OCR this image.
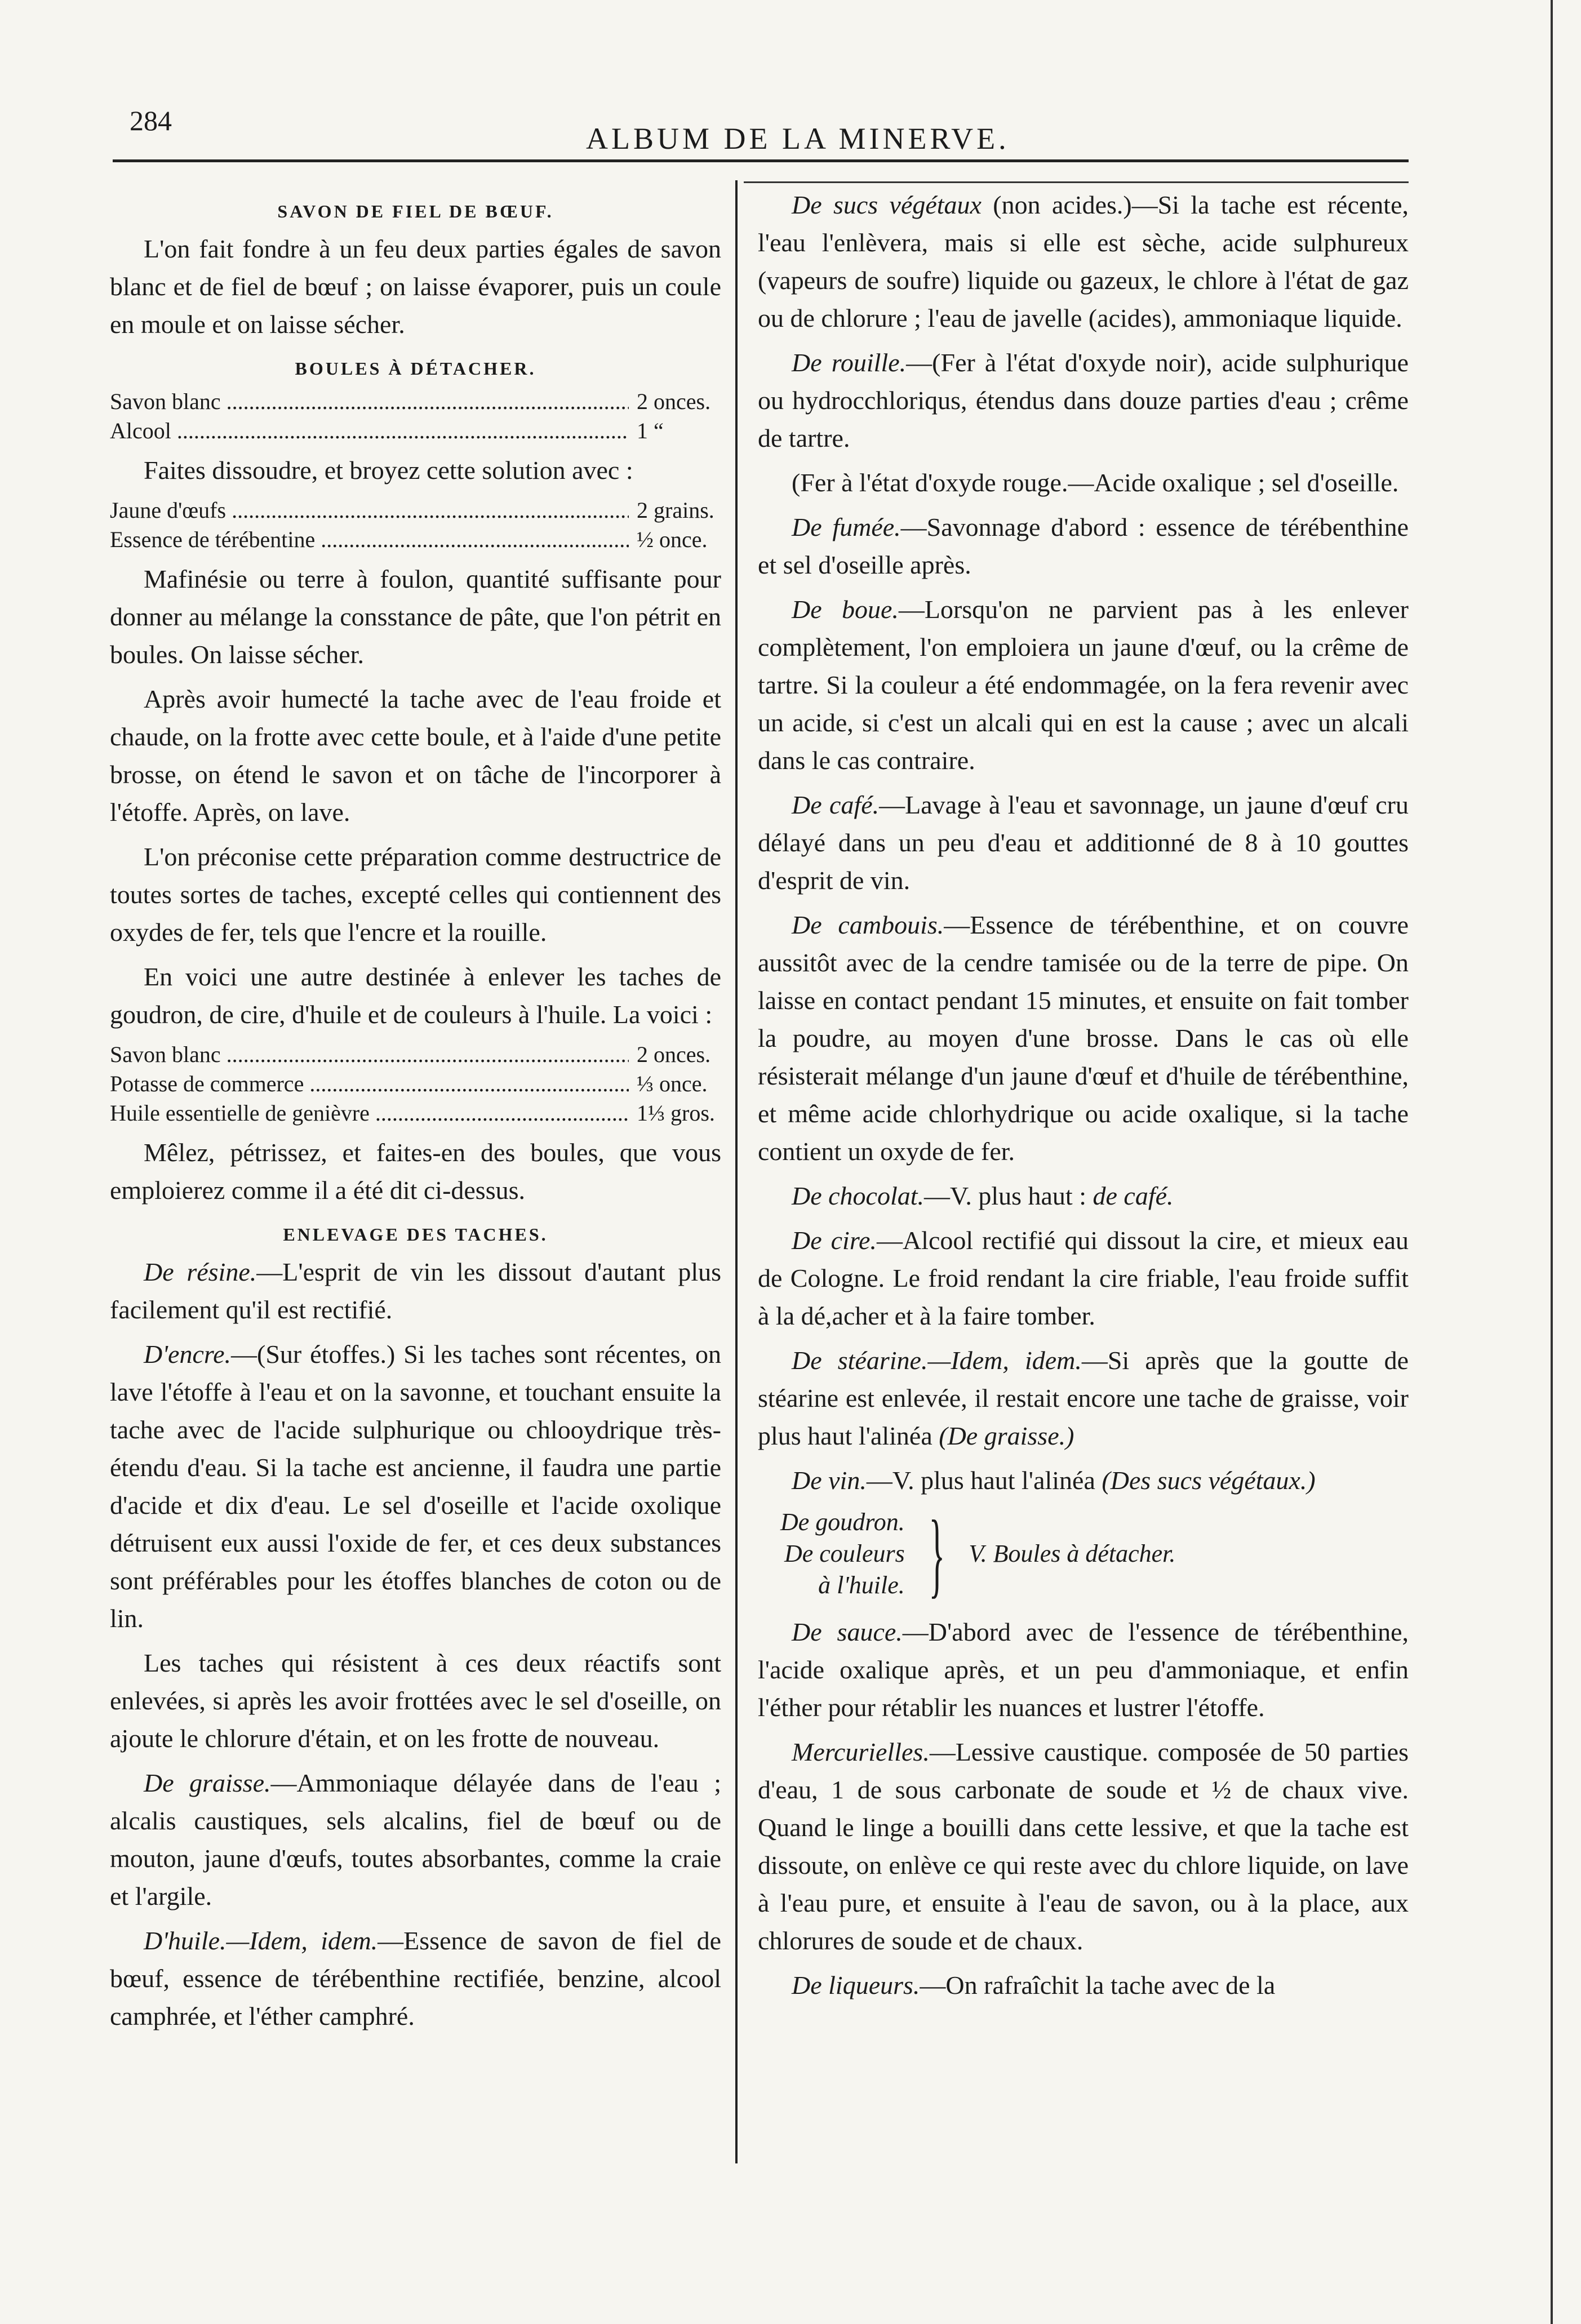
284
ALBUM DE LA MINERVE.
SAVON DE FIEL DE BŒUF.

L'on fait fondre à un feu deux parties égales de savon blanc et de fiel de bœuf ; on laisse évaporer, puis un coule en moule et on laisse sécher.

BOULES À DÉTACHER.
Savon blanc .....	2 onces.
Alcool .....	1 “

Faites dissoudre, et broyez cette solution avec :

Jaune d'œufs .....	2 grains.
Essence de térébentine .....	½ once.

Mafinésie ou terre à foulon, quantité suffisante pour donner au mélange la consstance de pâte, que l'on pétrit en boules. On laisse sécher.

Après avoir humecté la tache avec de l'eau froide et chaude, on la frotte avec cette boule, et à l'aide d'une petite brosse, on étend le savon et on tâche de l'incorporer à l'étoffe. Après, on lave.

L'on préconise cette préparation comme destructrice de toutes sortes de taches, excepté celles qui contiennent des oxydes de fer, tels que l'encre et la rouille.

En voici une autre destinée à enlever les taches de goudron, de cire, d'huile et de couleurs à l'huile. La voici :

Savon blanc .....	2 onces.
Potasse de commerce .....	⅓ once.
Huile essentielle de genièvre .....	1⅓ gros.

Mêlez, pétrissez, et faites-en des boules, que vous emploierez comme il a été dit ci-dessus.

ENLEVAGE DES TACHES.

De résine.—L'esprit de vin les dissout d'autant plus facilement qu'il est rectifié.

D'encre.—(Sur étoffes.) Si les taches sont récentes, on lave l'étoffe à l'eau et on la savonne, et touchant ensuite la tache avec de l'acide sulphurique ou chlooydrique très-étendu d'eau. Si la tache est ancienne, il faudra une partie d'acide et dix d'eau. Le sel d'oseille et l'acide oxolique détruisent eux aussi l'oxide de fer, et ces deux substances sont préférables pour les étoffes blanches de coton ou de lin.

Les taches qui résistent à ces deux réactifs sont enlevées, si après les avoir frottées avec le sel d'oseille, on ajoute le chlorure d'étain, et on les frotte de nouveau.

De graisse.—Ammoniaque délayée dans de l'eau ; alcalis caustiques, sels alcalins, fiel de bœuf ou de mouton, jaune d'œufs, toutes absorbantes, comme la craie et l'argile.

D'huile.—Idem, idem.—Essence de savon de fiel de bœuf, essence de térébenthine rectifiée, benzine, alcool camphrée, et l'éther camphré.

De sucs végétaux (non acides.)—Si la tache est récente, l'eau l'enlèvera, mais si elle est sèche, acide sulphureux (vapeurs de soufre) liquide ou gazeux, le chlore à l'état de gaz ou de chlorure ; l'eau de javelle (acides), ammoniaque liquide.

De rouille.—(Fer à l'état d'oxyde noir), acide sulphurique ou hydrocchloriqus, étendus dans douze parties d'eau ; crême de tartre.

(Fer à l'état d'oxyde rouge.—Acide oxalique ; sel d'oseille.

De fumée.—Savonnage d'abord : essence de térébenthine et sel d'oseille après.

De boue.—Lorsqu'on ne parvient pas à les enlever complètement, l'on emploiera un jaune d'œuf, ou la crême de tartre. Si la couleur a été endommagée, on la fera revenir avec un acide, si c'est un alcali qui en est la cause ; avec un alcali dans le cas contraire.

De café.—Lavage à l'eau et savonnage, un jaune d'œuf cru délayé dans un peu d'eau et additionné de 8 à 10 gouttes d'esprit de vin.

De cambouis.—Essence de térébenthine, et on couvre aussitôt avec de la cendre tamisée ou de la terre de pipe. On laisse en contact pendant 15 minutes, et ensuite on fait tomber la poudre, au moyen d'une brosse. Dans le cas où elle résisterait mélange d'un jaune d'œuf et d'huile de térébenthine, et même acide chlorhydrique ou acide oxalique, si la tache contient un oxyde de fer.

De chocolat.—V. plus haut : de café.

De cire.—Alcool rectifié qui dissout la cire, et mieux eau de Cologne. Le froid rendant la cire friable, l'eau froide suffit à la dé,acher et à la faire tomber.

De stéarine.—Idem, idem.—Si après que la goutte de stéarine est enlevée, il restait encore une tache de graisse, voir plus haut l'alinéa (De graisse.)

De vin.—V. plus haut l'alinéa (Des sucs végétaux.)

De goudron.
De couleurs
à l'huile. } V. Boules à détacher.

De sauce.—D'abord avec de l'essence de térébenthine, l'acide oxalique après, et un peu d'ammoniaque, et enfin l'éther pour rétablir les nuances et lustrer l'étoffe.

Mercurielles.—Lessive caustique. composée de 50 parties d'eau, 1 de sous carbonate de soude et ½ de chaux vive. Quand le linge a bouilli dans cette lessive, et que la tache est dissoute, on enlève ce qui reste avec du chlore liquide, on lave à l'eau pure, et ensuite à l'eau de savon, ou à la place, aux chlorures de soude et de chaux.

De liqueurs.—On rafraîchit la tache avec de la
